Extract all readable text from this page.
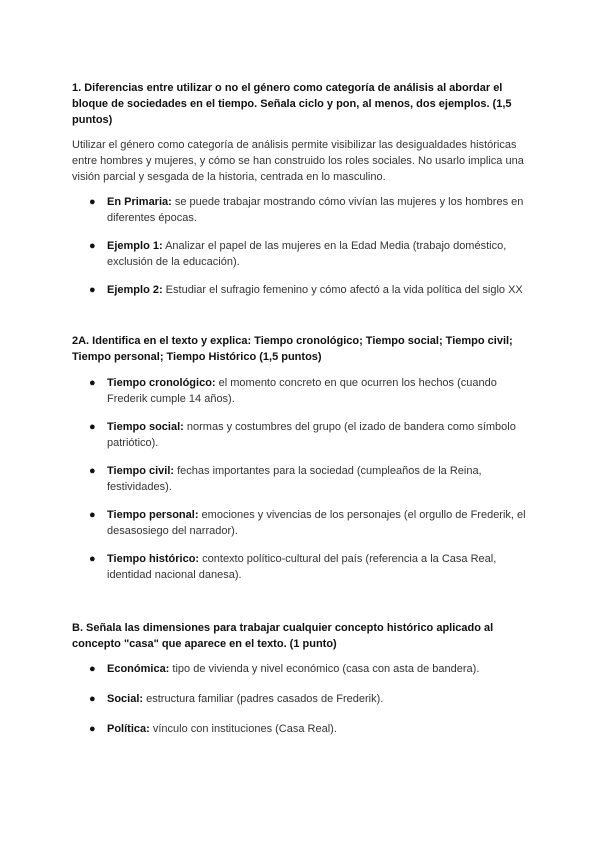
1. Diferencias entre utilizar o no el género como categoría de análisis al abordar el bloque de sociedades en el tiempo. Señala ciclo y pon, al menos, dos ejemplos. (1,5 puntos)

Utilizar el género como categoría de análisis permite visibilizar las desigualdades históricas entre hombres y mujeres, y cómo se han construido los roles sociales. No usarlo implica una visión parcial y sesgada de la historia, centrada en lo masculino.

● En Primaria: se puede trabajar mostrando cómo vivían las mujeres y los hombres en diferentes épocas.
● Ejemplo 1: Analizar el papel de las mujeres en la Edad Media (trabajo doméstico, exclusión de la educación).
● Ejemplo 2: Estudiar el sufragio femenino y cómo afectó a la vida política del siglo XX

2A. Identifica en el texto y explica: Tiempo cronológico; Tiempo social; Tiempo civil; Tiempo personal; Tiempo Histórico (1,5 puntos)

● Tiempo cronológico: el momento concreto en que ocurren los hechos (cuando Frederik cumple 14 años).
● Tiempo social: normas y costumbres del grupo (el izado de bandera como símbolo patriótico).
● Tiempo civil: fechas importantes para la sociedad (cumpleaños de la Reina, festividades).
● Tiempo personal: emociones y vivencias de los personajes (el orgullo de Frederik, el desasosiego del narrador).
● Tiempo histórico: contexto político-cultural del país (referencia a la Casa Real, identidad nacional danesa).

B. Señala las dimensiones para trabajar cualquier concepto histórico aplicado al concepto "casa" que aparece en el texto. (1 punto)

● Económica: tipo de vivienda y nivel económico (casa con asta de bandera).
● Social: estructura familiar (padres casados de Frederik).
● Política: vínculo con instituciones (Casa Real).
